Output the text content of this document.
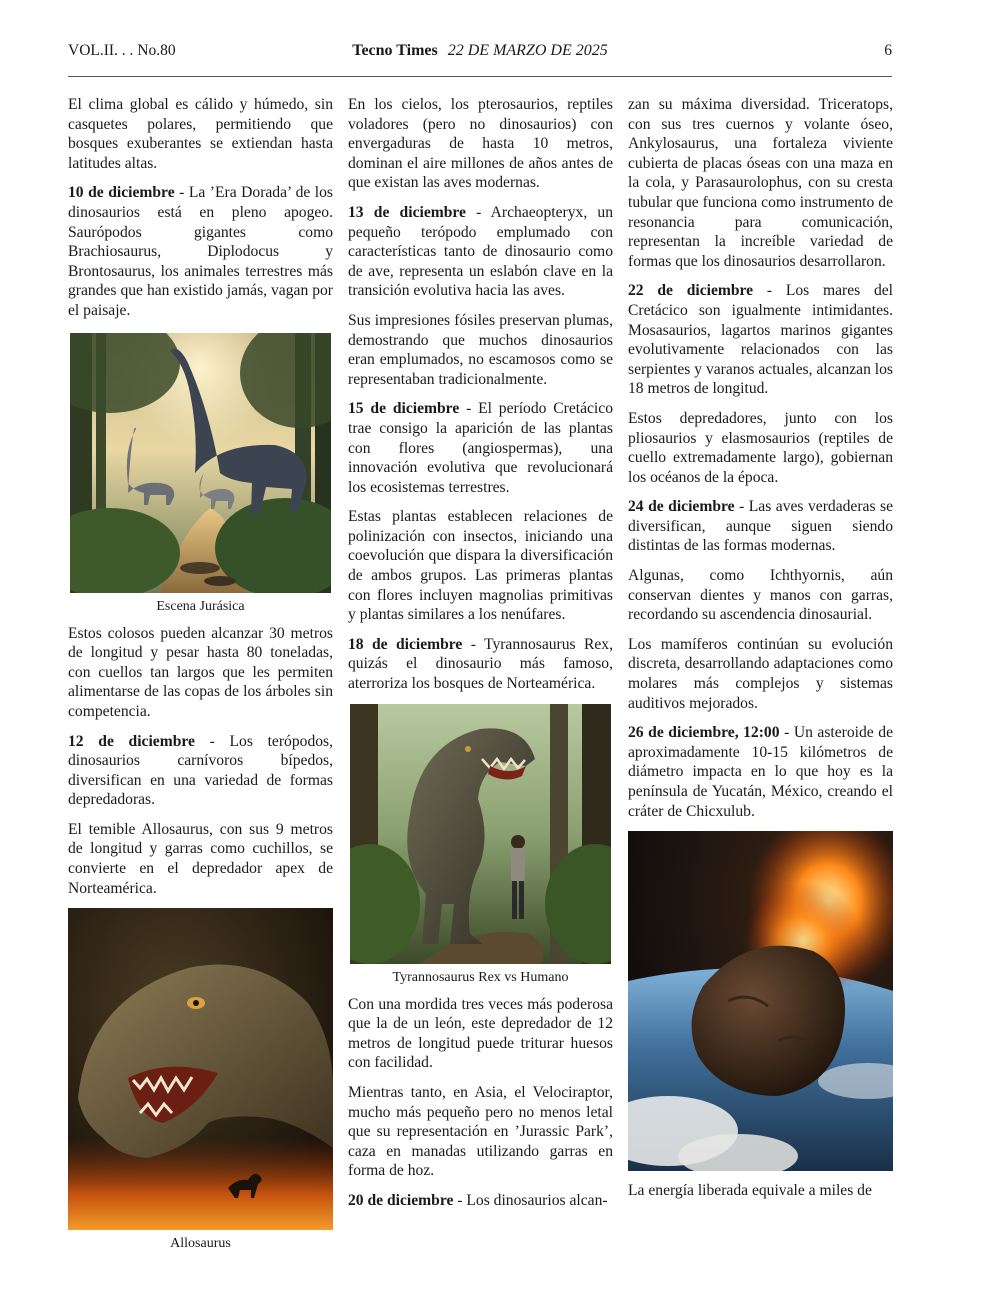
VOL.II. . . No.80	Tecno Times 22 DE MARZO DE 2025	6

El clima global es cálido y húmedo, sin casquetes polares, permitiendo que bosques exuberantes se extiendan hasta latitudes altas.

10 de diciembre - La ’Era Dorada’ de los dinosaurios está en pleno apogeo. Saurópodos gigantes como Brachiosaurus, Diplodocus y Brontosaurus, los animales terrestres más grandes que han existido jamás, vagan por el paisaje.

Escena Jurásica

Estos colosos pueden alcanzar 30 metros de longitud y pesar hasta 80 toneladas, con cuellos tan largos que les permiten alimentarse de las copas de los árboles sin competencia.

12 de diciembre - Los terópodos, dinosaurios carnívoros bípedos, diversifican en una variedad de formas depredadoras.

El temible Allosaurus, con sus 9 metros de longitud y garras como cuchillos, se convierte en el depredador apex de Norteamérica.

Allosaurus

En los cielos, los pterosaurios, reptiles voladores (pero no dinosaurios) con envergaduras de hasta 10 metros, dominan el aire millones de años antes de que existan las aves modernas.

13 de diciembre - Archaeopteryx, un pequeño terópodo emplumado con características tanto de dinosaurio como de ave, representa un eslabón clave en la transición evolutiva hacia las aves.

Sus impresiones fósiles preservan plumas, demostrando que muchos dinosaurios eran emplumados, no escamosos como se representaban tradicionalmente.

15 de diciembre - El período Cretácico trae consigo la aparición de las plantas con flores (angiospermas), una innovación evolutiva que revolucionará los ecosistemas terrestres.

Estas plantas establecen relaciones de polinización con insectos, iniciando una coevolución que dispara la diversificación de ambos grupos. Las primeras plantas con flores incluyen magnolias primitivas y plantas similares a los nenúfares.

18 de diciembre - Tyrannosaurus Rex, quizás el dinosaurio más famoso, aterroriza los bosques de Norteamérica.

Tyrannosaurus Rex vs Humano

Con una mordida tres veces más poderosa que la de un león, este depredador de 12 metros de longitud puede triturar huesos con facilidad.

Mientras tanto, en Asia, el Velociraptor, mucho más pequeño pero no menos letal que su representación en ’Jurassic Park’, caza en manadas utilizando garras en forma de hoz.

20 de diciembre - Los dinosaurios alcan-

zan su máxima diversidad. Triceratops, con sus tres cuernos y volante óseo, Ankylosaurus, una fortaleza viviente cubierta de placas óseas con una maza en la cola, y Parasaurolophus, con su cresta tubular que funciona como instrumento de resonancia para comunicación, representan la increíble variedad de formas que los dinosaurios desarrollaron.

22 de diciembre - Los mares del Cretácico son igualmente intimidantes. Mosasaurios, lagartos marinos gigantes evolutivamente relacionados con las serpientes y varanos actuales, alcanzan los 18 metros de longitud.

Estos depredadores, junto con los pliosaurios y elasmosaurios (reptiles de cuello extremadamente largo), gobiernan los océanos de la época.

24 de diciembre - Las aves verdaderas se diversifican, aunque siguen siendo distintas de las formas modernas.

Algunas, como Ichthyornis, aún conservan dientes y manos con garras, recordando su ascendencia dinosaurial.

Los mamíferos continúan su evolución discreta, desarrollando adaptaciones como molares más complejos y sistemas auditivos mejorados.

26 de diciembre, 12:00 - Un asteroide de aproximadamente 10-15 kilómetros de diámetro impacta en lo que hoy es la península de Yucatán, México, creando el cráter de Chicxulub.

La energía liberada equivale a miles de
